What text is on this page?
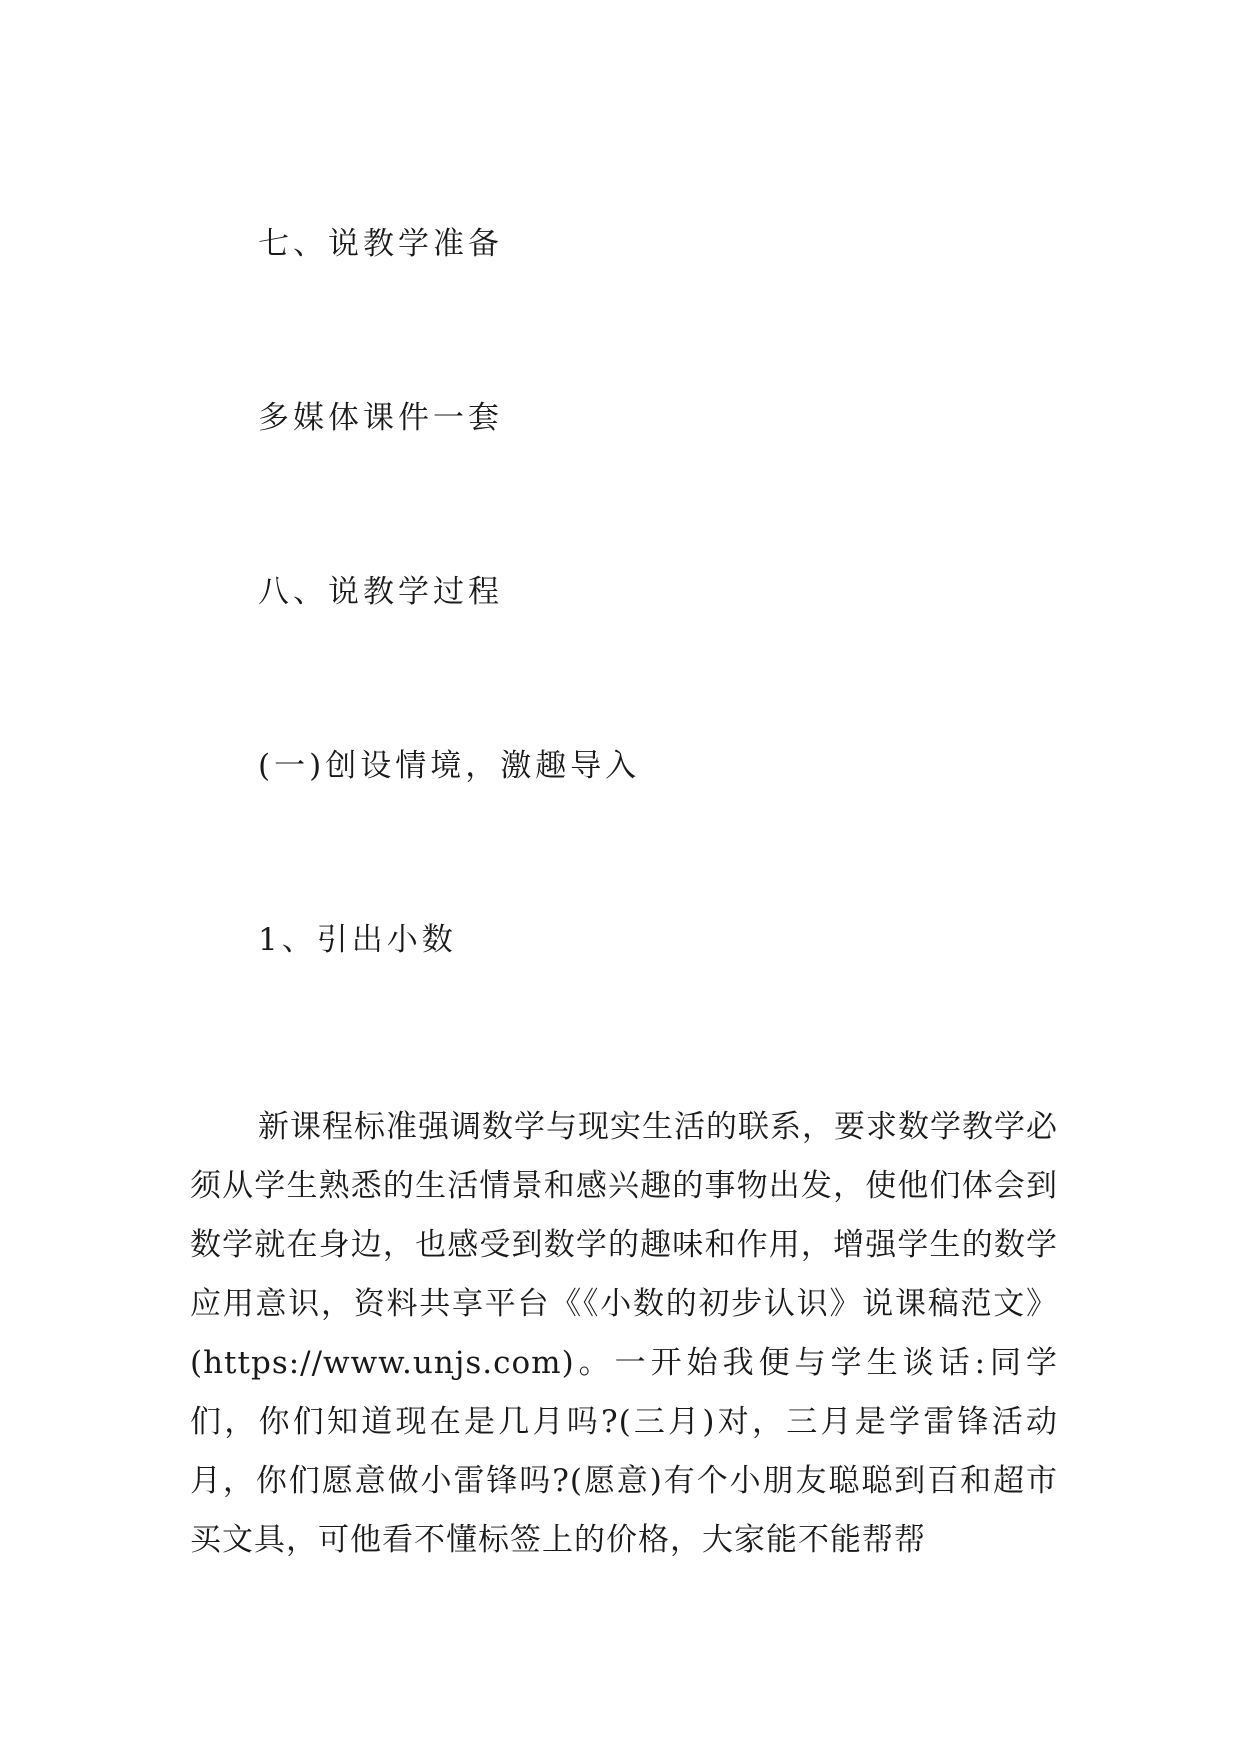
七、说教学准备
多媒体课件一套
八、说教学过程
(一)创设情境，激趣导入
1、引出小数

新课程标准强调数学与现实生活的联系，要求数学教学必须从学生熟悉的生活情景和感兴趣的事物出发，使他们体会到数学就在身边，也感受到数学的趣味和作用，增强学生的数学应用意识，资料共享平台《《小数的初步认识》说课稿范文》(https://www.unjs.com)。一开始我便与学生谈话:同学们，你们知道现在是几月吗?(三月)对，三月是学雷锋活动月，你们愿意做小雷锋吗?(愿意)有个小朋友聪聪到百和超市买文具，可他看不懂标签上的价格，大家能不能帮帮
